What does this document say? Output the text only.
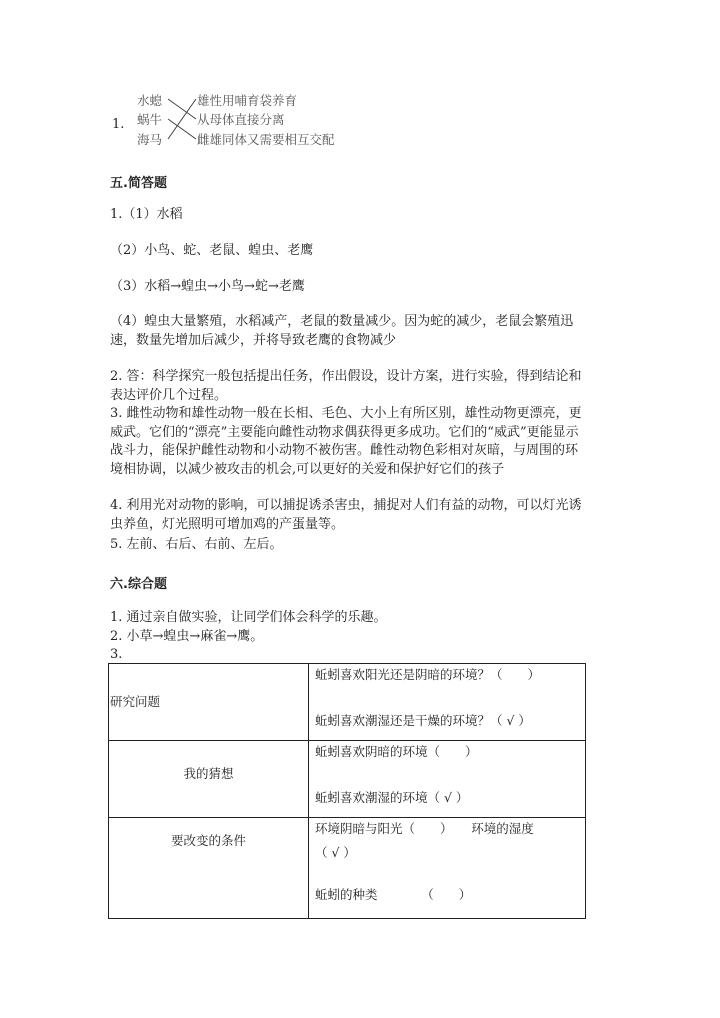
1.
水螅
蜗牛
海马
雄性用哺育袋养育
从母体直接分离
雌雄同体又需要相互交配
五.简答题
1.（1）水稻
（2）小鸟、蛇、老鼠、蝗虫、老鹰
（3）水稻→蝗虫→小鸟→蛇→老鹰
（4）蝗虫大量繁殖，水稻减产，老鼠的数量减少。因为蛇的减少，老鼠会繁殖迅速，数量先增加后减少，并将导致老鹰的食物减少
2. 答：科学探究一般包括提出任务，作出假设，设计方案，进行实验，得到结论和表达评价几个过程。
3. 雌性动物和雄性动物一般在长相、毛色、大小上有所区别，雄性动物更漂亮，更威武。它们的“漂亮”主要能向雌性动物求偶获得更多成功。它们的“威武”更能显示战斗力，能保护雌性动物和小动物不被伤害。雌性动物色彩相对灰暗，与周围的环境相协调，以减少被攻击的机会,可以更好的关爱和保护好它们的孩子
4. 利用光对动物的影响，可以捕捉诱杀害虫，捕捉对人们有益的动物，可以灯光诱虫养鱼，灯光照明可增加鸡的产蛋量等。
5. 左前、右后、右前、左后。
六.综合题
1. 通过亲自做实验，让同学们体会科学的乐趣。
2. 小草→蝗虫→麻雀→鹰。
3.
研究问题	蚯蚓喜欢阳光还是阴暗的环境？（　　）

蚯蚓喜欢潮湿还是干燥的环境？（ √ ）

我的猜想	蚯蚓喜欢阴暗的环境（　　）

蚯蚓喜欢潮湿的环境（ √ ）

要改变的条件	环境阴暗与阳光（　　）　　环境的湿度

（ √ ）

蚯蚓的种类　　　　（　　）
